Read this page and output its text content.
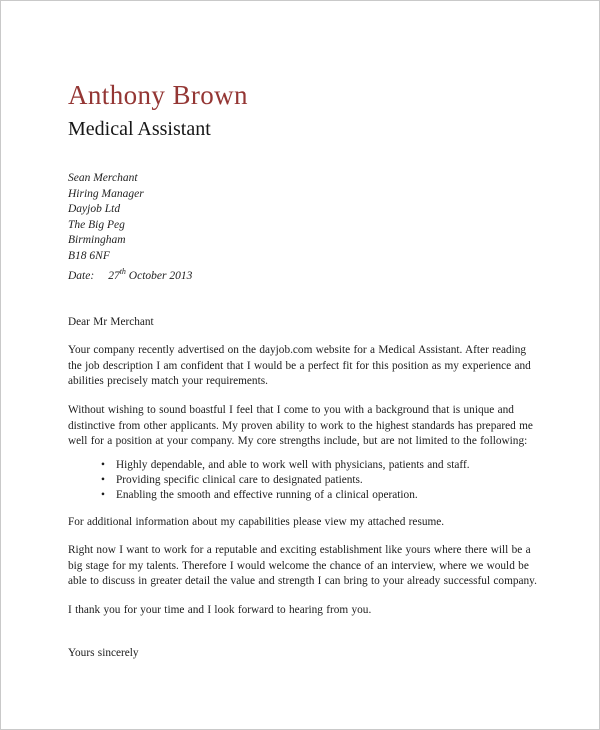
Anthony Brown
Medical Assistant
Sean Merchant
Hiring Manager
Dayjob Ltd
The Big Peg
Birmingham
B18 6NF
Date: 27th October 2013

Dear Mr Merchant

Your company recently advertised on the dayjob.com website for a Medical Assistant. After reading the job description I am confident that I would be a perfect fit for this position as my experience and abilities precisely match your requirements.

Without wishing to sound boastful I feel that I come to you with a background that is unique and distinctive from other applicants. My proven ability to work to the highest standards has prepared me well for a position at your company. My core strengths include, but are not limited to the following:

• Highly dependable, and able to work well with physicians, patients and staff.
• Providing specific clinical care to designated patients.
• Enabling the smooth and effective running of a clinical operation.

For additional information about my capabilities please view my attached resume.

Right now I want to work for a reputable and exciting establishment like yours where there will be a big stage for my talents. Therefore I would welcome the chance of an interview, where we would be able to discuss in greater detail the value and strength I can bring to your already successful company.

I thank you for your time and I look forward to hearing from you.

Yours sincerely
